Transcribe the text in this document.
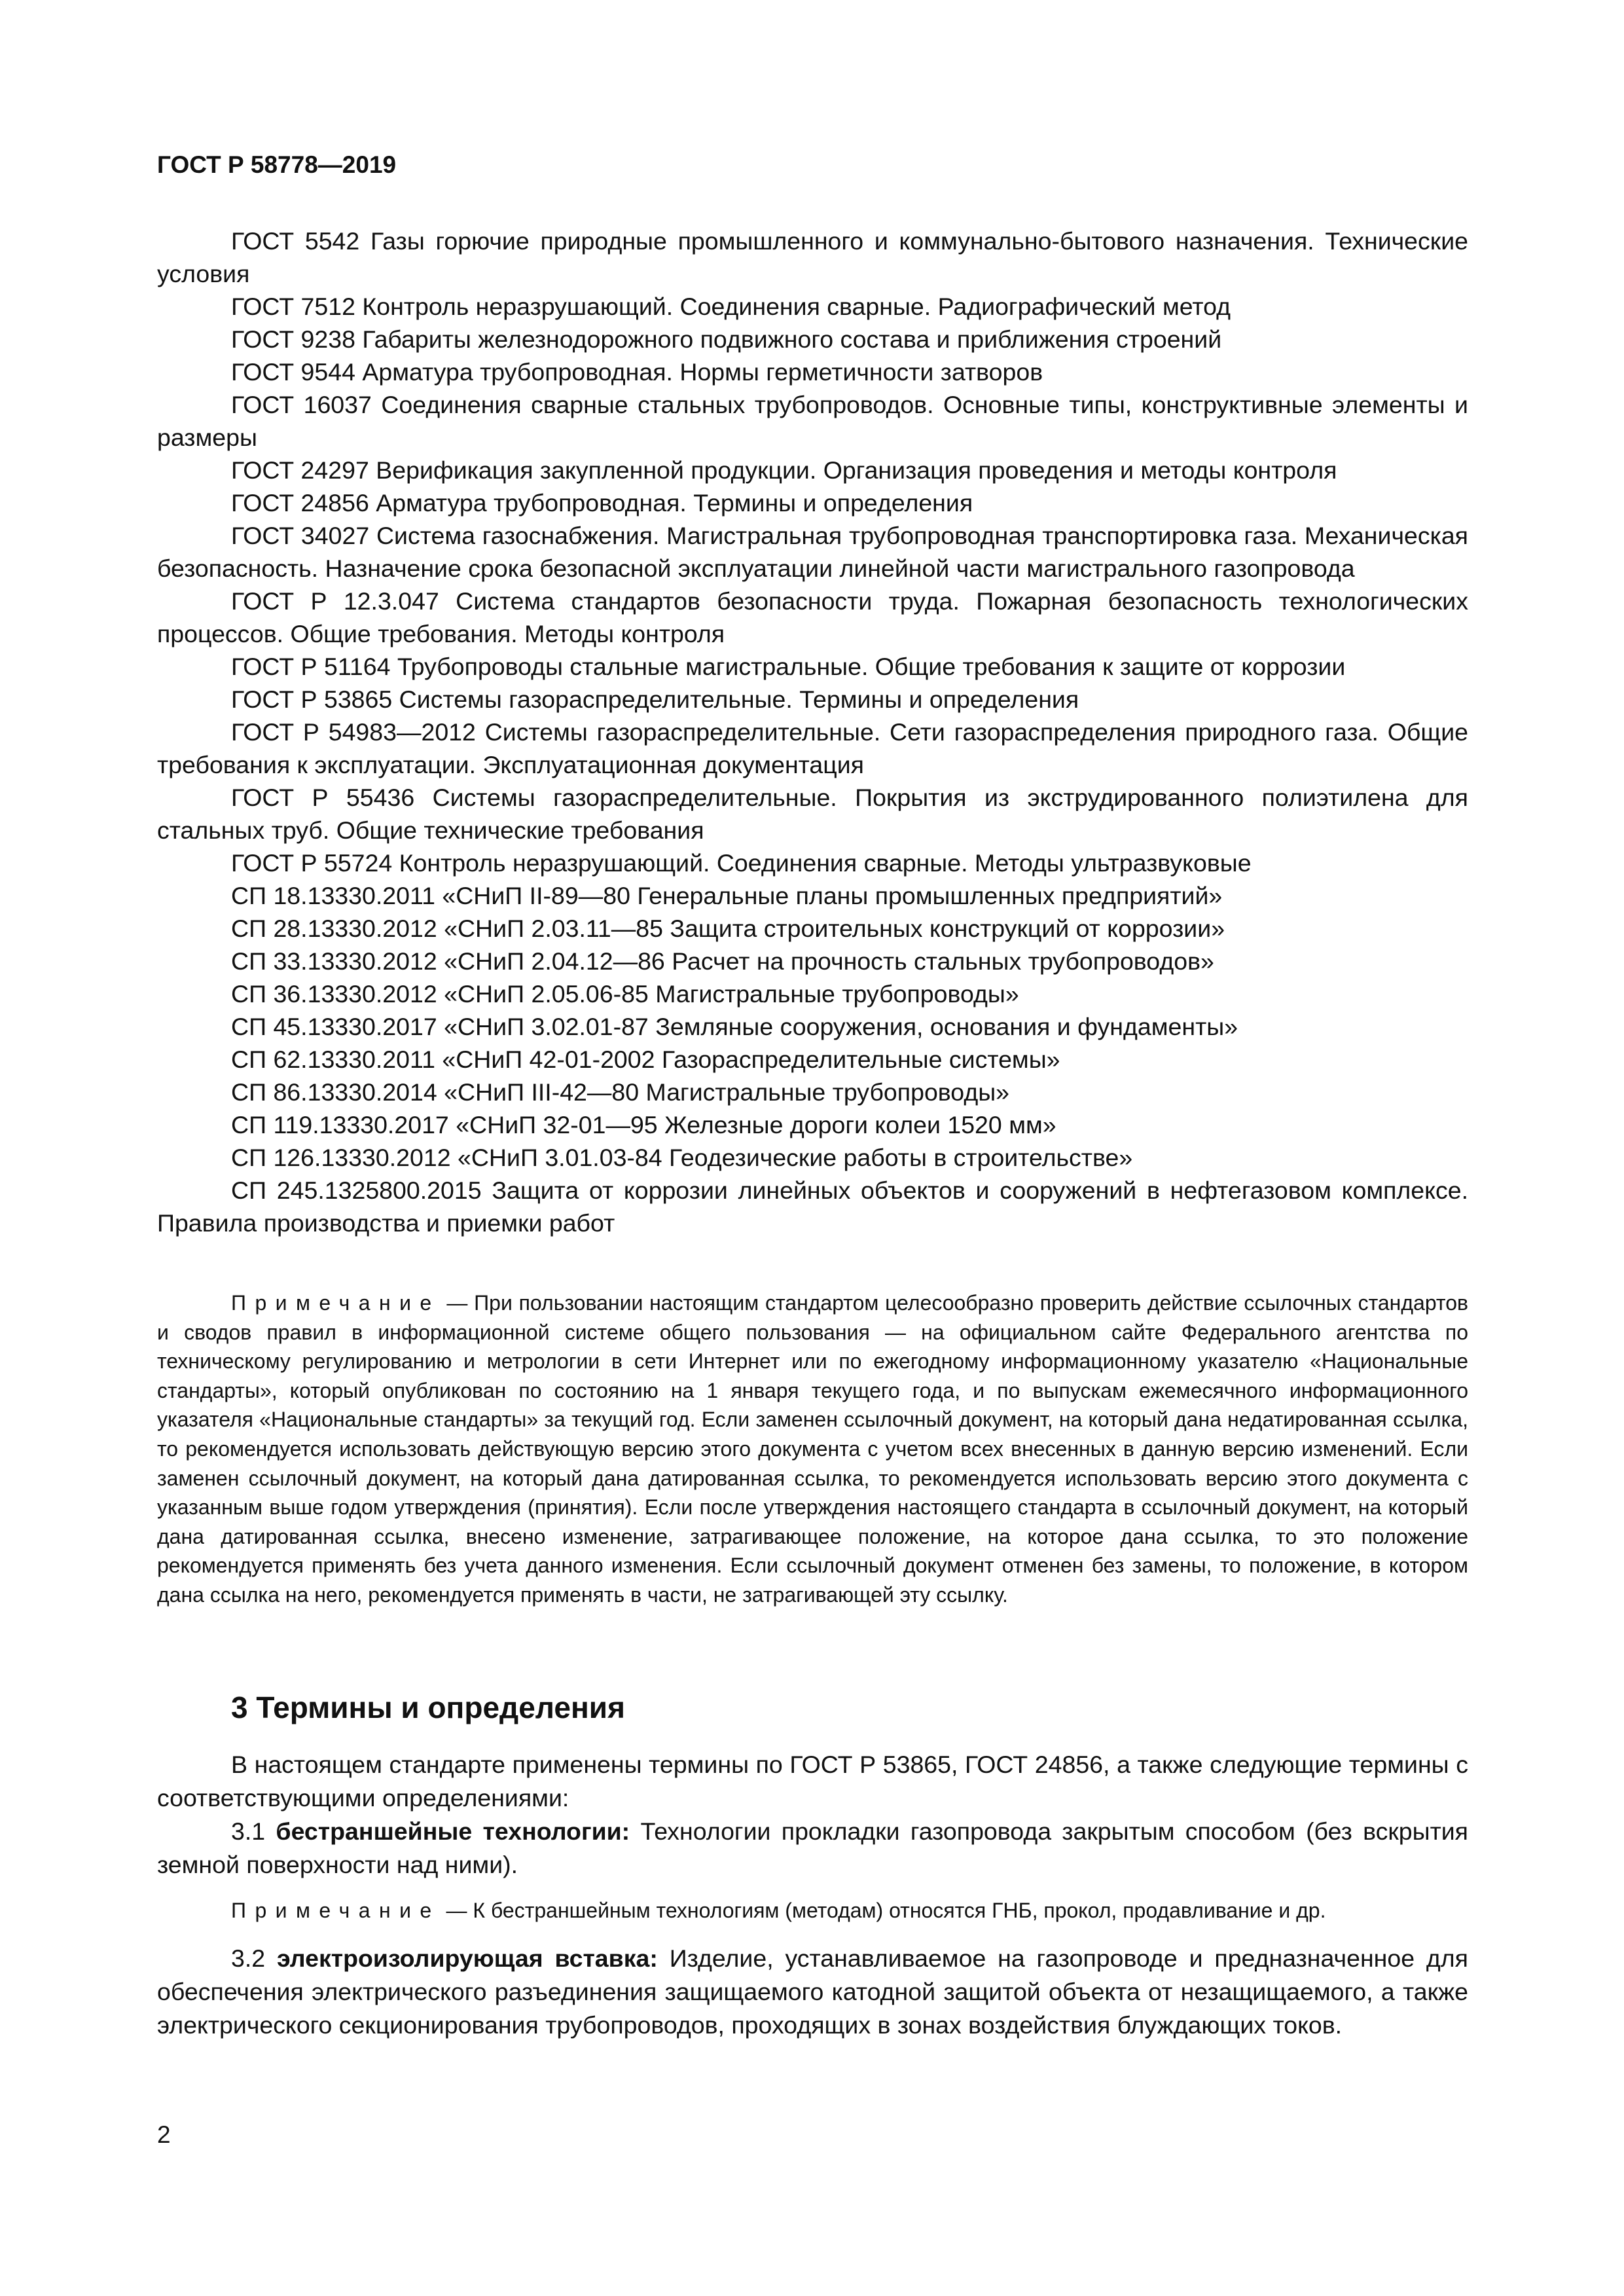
ГОСТ Р 58778—2019

ГОСТ 5542 Газы горючие природные промышленного и коммунально-бытового назначения. Технические условия

ГОСТ 7512 Контроль неразрушающий. Соединения сварные. Радиографический метод

ГОСТ 9238 Габариты железнодорожного подвижного состава и приближения строений

ГОСТ 9544 Арматура трубопроводная. Нормы герметичности затворов

ГОСТ 16037 Соединения сварные стальных трубопроводов. Основные типы, конструктивные элементы и размеры

ГОСТ 24297 Верификация закупленной продукции. Организация проведения и методы контроля

ГОСТ 24856 Арматура трубопроводная. Термины и определения

ГОСТ 34027 Система газоснабжения. Магистральная трубопроводная транспортировка газа. Механическая безопасность. Назначение срока безопасной эксплуатации линейной части магистрального газопровода

ГОСТ Р 12.3.047 Система стандартов безопасности труда. Пожарная безопасность технологических процессов. Общие требования. Методы контроля

ГОСТ Р 51164 Трубопроводы стальные магистральные. Общие требования к защите от коррозии

ГОСТ Р 53865 Системы газораспределительные. Термины и определения

ГОСТ Р 54983—2012 Системы газораспределительные. Сети газораспределения природного газа. Общие требования к эксплуатации. Эксплуатационная документация

ГОСТ Р 55436 Системы газораспределительные. Покрытия из экструдированного полиэтилена для стальных труб. Общие технические требования

ГОСТ Р 55724 Контроль неразрушающий. Соединения сварные. Методы ультразвуковые

СП 18.13330.2011 «СНиП II-89—80 Генеральные планы промышленных предприятий»

СП 28.13330.2012 «СНиП 2.03.11—85 Защита строительных конструкций от коррозии»

СП 33.13330.2012 «СНиП 2.04.12—86 Расчет на прочность стальных трубопроводов»

СП 36.13330.2012 «СНиП 2.05.06-85 Магистральные трубопроводы»

СП 45.13330.2017 «СНиП 3.02.01-87 Земляные сооружения, основания и фундаменты»

СП 62.13330.2011 «СНиП 42-01-2002 Газораспределительные системы»

СП 86.13330.2014 «СНиП III-42—80 Магистральные трубопроводы»

СП 119.13330.2017 «СНиП 32-01—95 Железные дороги колеи 1520 мм»

СП 126.13330.2012 «СНиП 3.01.03-84 Геодезические работы в строительстве»

СП 245.1325800.2015 Защита от коррозии линейных объектов и сооружений в нефтегазовом комплексе. Правила производства и приемки работ

Примечание — При пользовании настоящим стандартом целесообразно проверить действие ссылочных стандартов и сводов правил в информационной системе общего пользования — на официальном сайте Федерального агентства по техническому регулированию и метрологии в сети Интернет или по ежегодному информационному указателю «Национальные стандарты», который опубликован по состоянию на 1 января текущего года, и по выпускам ежемесячного информационного указателя «Национальные стандарты» за текущий год. Если заменен ссылочный документ, на который дана недатированная ссылка, то рекомендуется использовать действующую версию этого документа с учетом всех внесенных в данную версию изменений. Если заменен ссылочный документ, на который дана датированная ссылка, то рекомендуется использовать версию этого документа с указанным выше годом утверждения (принятия). Если после утверждения настоящего стандарта в ссылочный документ, на который дана датированная ссылка, внесено изменение, затрагивающее положение, на которое дана ссылка, то это положение рекомендуется применять без учета данного изменения. Если ссылочный документ отменен без замены, то положение, в котором дана ссылка на него, рекомендуется применять в части, не затрагивающей эту ссылку.

3 Термины и определения

В настоящем стандарте применены термины по ГОСТ Р 53865, ГОСТ 24856, а также следующие термины с соответствующими определениями:

3.1 бестраншейные технологии: Технологии прокладки газопровода закрытым способом (без вскрытия земной поверхности над ними).

Примечание — К бестраншейным технологиям (методам) относятся ГНБ, прокол, продавливание и др.

3.2 электроизолирующая вставка: Изделие, устанавливаемое на газопроводе и предназначенное для обеспечения электрического разъединения защищаемого катодной защитой объекта от незащищаемого, а также электрического секционирования трубопроводов, проходящих в зонах воздействия блуждающих токов.

2
